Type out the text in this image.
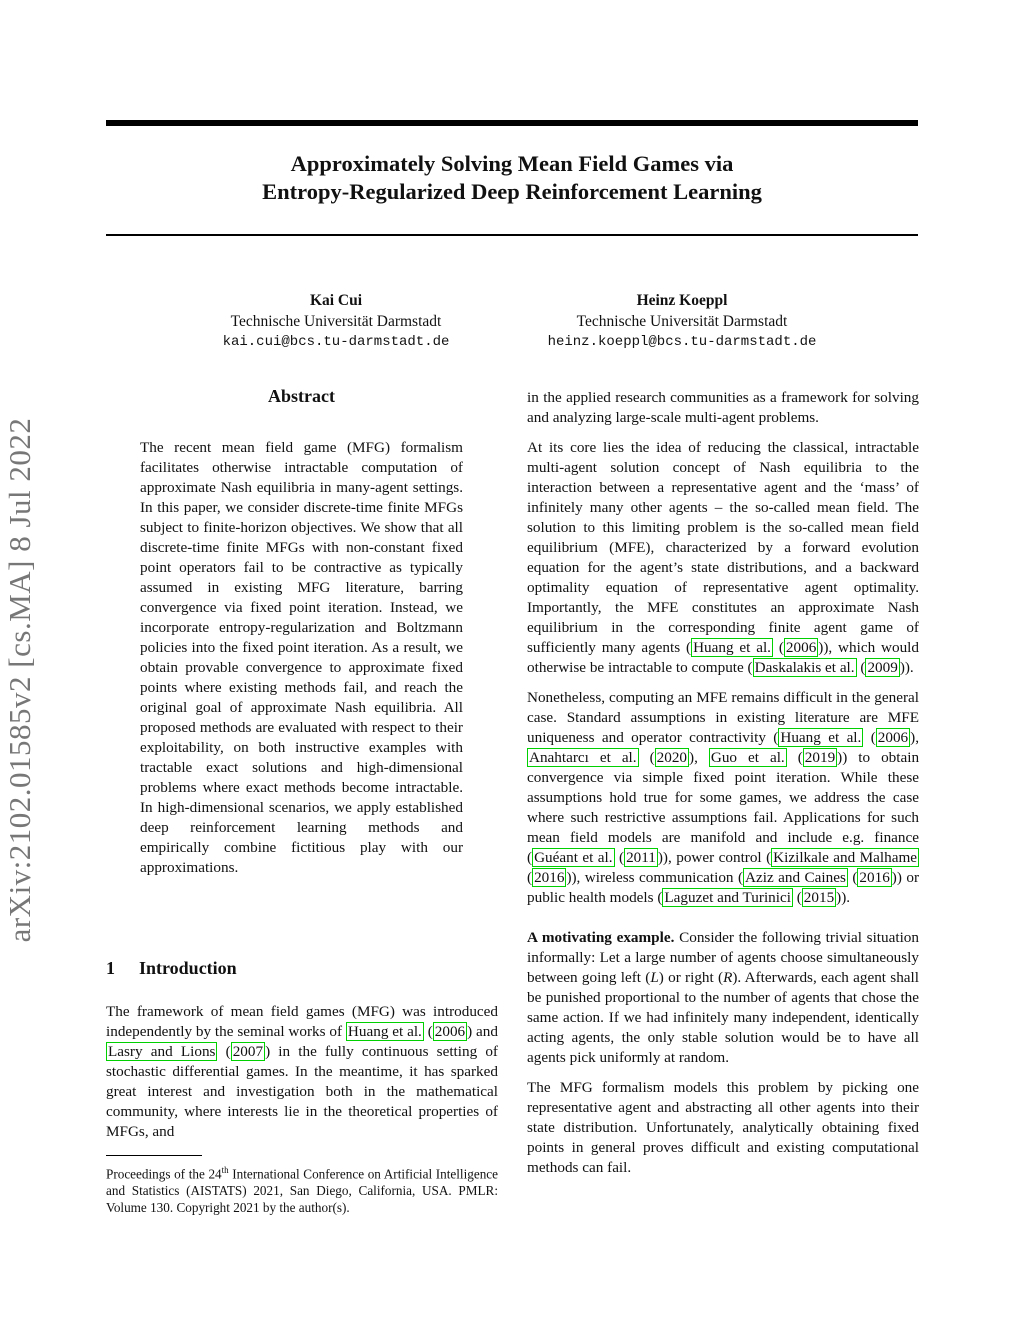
Approximately Solving Mean Field Games via
Entropy-Regularized Deep Reinforcement Learning
arXiv:2102.01585v2 [cs.MA] 8 Jul 2022
Kai Cui
Technische Universität Darmstadt
kai.cui@bcs.tu-darmstadt.de
Heinz Koeppl
Technische Universität Darmstadt
heinz.koeppl@bcs.tu-darmstadt.de
Abstract

The recent mean field game (MFG) formalism facilitates otherwise intractable computation of approximate Nash equilibria in many-agent settings. In this paper, we consider discrete-time finite MFGs subject to finite-horizon objectives. We show that all discrete-time finite MFGs with non-constant fixed point operators fail to be contractive as typically assumed in existing MFG literature, barring convergence via fixed point iteration. Instead, we incorporate entropy-regularization and Boltzmann policies into the fixed point iteration. As a result, we obtain provable convergence to approximate fixed points where existing methods fail, and reach the original goal of approximate Nash equilibria. All proposed methods are evaluated with respect to their exploitability, on both instructive examples with tractable exact solutions and high-dimensional problems where exact methods become intractable. In high-dimensional scenarios, we apply established deep reinforcement learning methods and empirically combine fictitious play with our approximations.

1 Introduction

The framework of mean field games (MFG) was introduced independently by the seminal works of Huang et al. ( 2006 ) and Lasry and Lions ( 2007 ) in the fully continuous setting of stochastic differential games. In the meantime, it has sparked great interest and investigation both in the mathematical community, where interests lie in the theoretical properties of MFGs, and

Proceedings of the 24th International Conference on Artificial Intelligence and Statistics (AISTATS) 2021, San Diego, California, USA. PMLR: Volume 130. Copyright 2021 by the author(s).

in the applied research communities as a framework for solving and analyzing large-scale multi-agent problems.

At its core lies the idea of reducing the classical, intractable multi-agent solution concept of Nash equilibria to the interaction between a representative agent and the ‘mass’ of infinitely many other agents – the so-called mean field. The solution to this limiting problem is the so-called mean field equilibrium (MFE), characterized by a forward evolution equation for the agent’s state distributions, and a backward optimality equation of representative agent optimality. Importantly, the MFE constitutes an approximate Nash equilibrium in the corresponding finite agent game of sufficiently many agents ( Huang et al. ( 2006 )), which would otherwise be intractable to compute ( Daskalakis et al. ( 2009 )).

Nonetheless, computing an MFE remains difficult in the general case. Standard assumptions in existing literature are MFE uniqueness and operator contractivity ( Huang et al. ( 2006 ), Anahtarcı et al. ( 2020 ), Guo et al. ( 2019 )) to obtain convergence via simple fixed point iteration. While these assumptions hold true for some games, we address the case where such restrictive assumptions fail. Applications for such mean field models are manifold and include e.g. finance ( Guéant et al. ( 2011 )), power control ( Kizilkale and Malhame ( 2016 )), wireless communication ( Aziz and Caines ( 2016 )) or public health models ( Laguzet and Turinici ( 2015 )).

A motivating example. Consider the following trivial situation informally: Let a large number of agents choose simultaneously between going left (L) or right (R). Afterwards, each agent shall be punished proportional to the number of agents that chose the same action. If we had infinitely many independent, identically acting agents, the only stable solution would be to have all agents pick uniformly at random.

The MFG formalism models this problem by picking one representative agent and abstracting all other agents into their state distribution. Unfortunately, analytically obtaining fixed points in general proves difficult and existing computational methods can fail.
